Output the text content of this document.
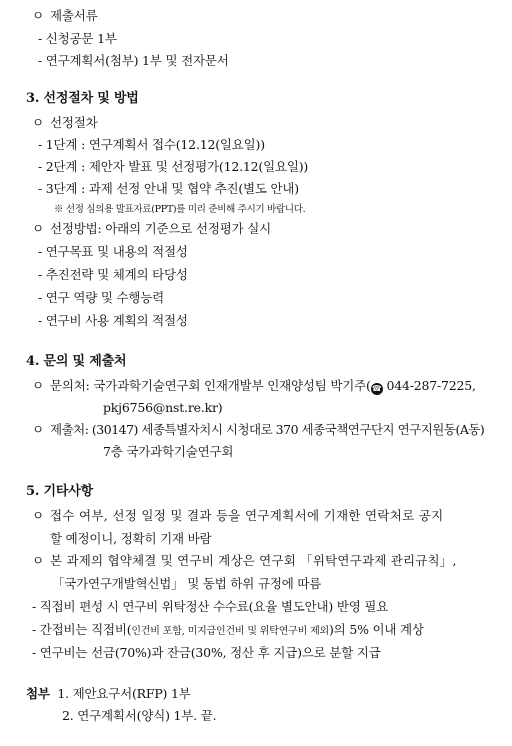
ㅇ 제출서류
- 신청공문 1부
- 연구계획서(첨부) 1부 및 전자문서
3. 선정절차 및 방법
ㅇ 선정절차
- 1단계 : 연구계획서 접수(12.12(일요일))
- 2단계 : 제안자 발표 및 선정평가(12.12(일요일))
- 3단계 : 과제 선정 안내 및 협약 추진(별도 안내)
※ 선정 심의용 발표자료(PPT)를 미리 준비해 주시기 바랍니다.
ㅇ 선정방법: 아래의 기준으로 선정평가 실시
- 연구목표 및 내용의 적절성
- 추진전략 및 체계의 타당성
- 연구 역량 및 수행능력
- 연구비 사용 계획의 적절성
4. 문의 및 제출처
ㅇ 문의처: 국가과학기술연구회 인재개발부 인재양성팀 박기주(☎ 044-287-7225,
pkj6756@nst.re.kr)
ㅇ 제출처: (30147) 세종특별자치시 시청대로 370 세종국책연구단지 연구지원동(A동)
7층 국가과학기술연구회
5. 기타사항
ㅇ 접수 여부, 선정 일정 및 결과 등을 연구계획서에 기재한 연락처로 공지
할 예정이니, 정확히 기재 바람
ㅇ 본 과제의 협약체결 및 연구비 계상은 연구회 「위탁연구과제 관리규칙」,
「국가연구개발혁신법」 및 동법 하위 규정에 따름
- 직접비 편성 시 연구비 위탁정산 수수료(요율 별도안내) 반영 필요
- 간접비는 직접비(인건비 포함, 미지급인건비 및 위탁연구비 제외)의 5% 이내 계상
- 연구비는 선금(70%)과 잔금(30%, 정산 후 지급)으로 분할 지급
첨부 1. 제안요구서(RFP) 1부
2. 연구계획서(양식) 1부. 끝.
